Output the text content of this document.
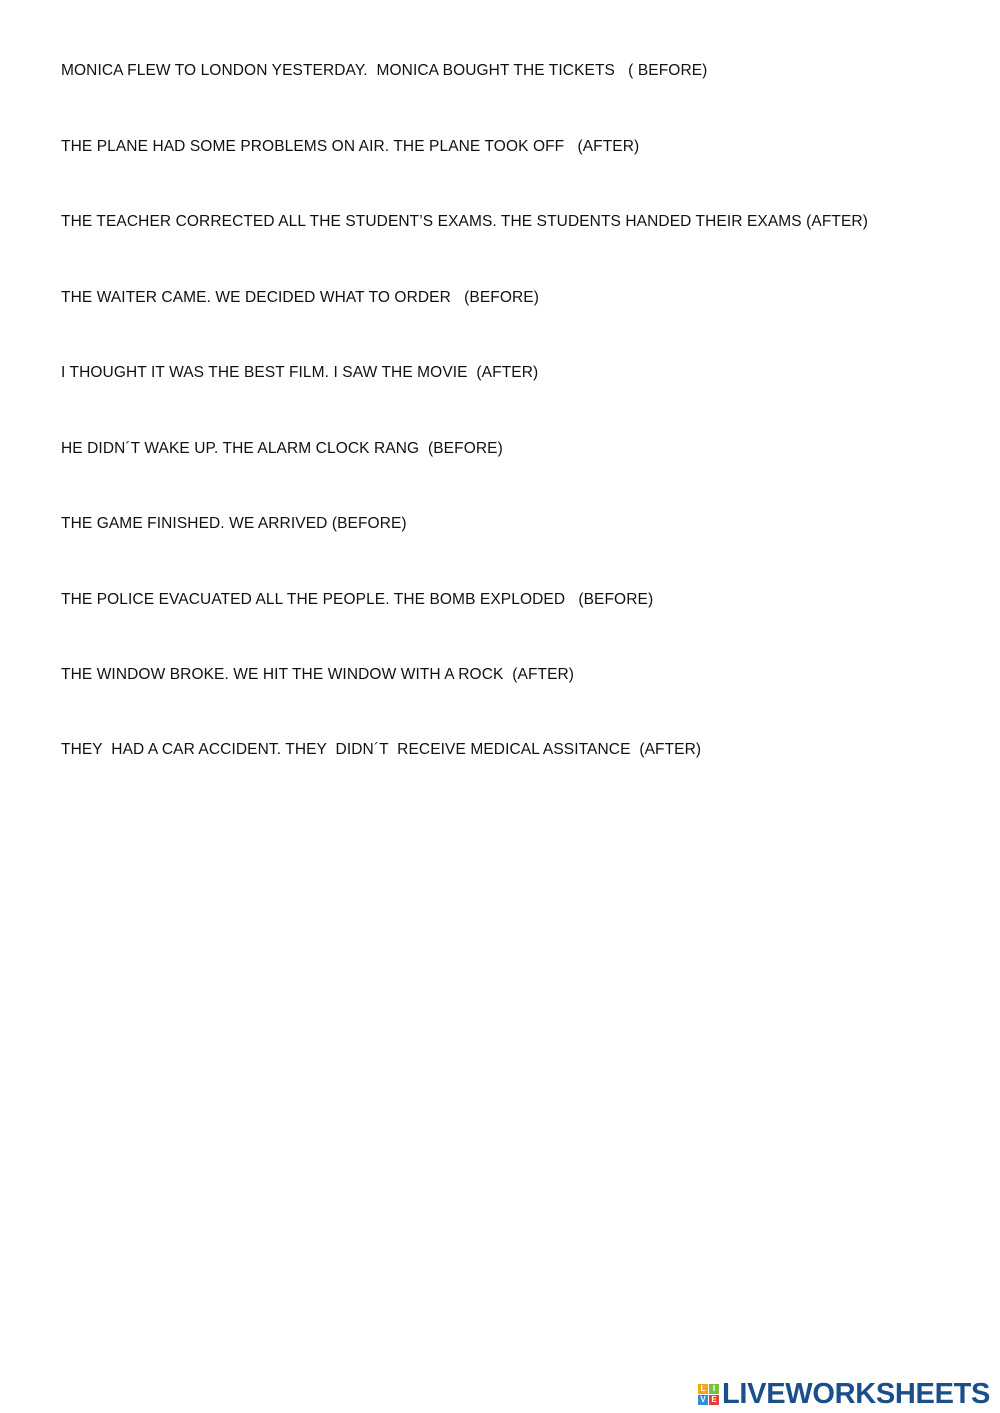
MONICA FLEW TO LONDON YESTERDAY.  MONICA BOUGHT THE TICKETS   ( BEFORE)
THE PLANE HAD SOME PROBLEMS ON AIR. THE PLANE TOOK OFF   (AFTER)
THE TEACHER CORRECTED ALL THE STUDENT’S EXAMS. THE STUDENTS HANDED THEIR EXAMS (AFTER)
THE WAITER CAME. WE DECIDED WHAT TO ORDER   (BEFORE)
I THOUGHT IT WAS THE BEST FILM. I SAW THE MOVIE  (AFTER)
HE DIDN´T WAKE UP. THE ALARM CLOCK RANG  (BEFORE)
THE GAME FINISHED. WE ARRIVED (BEFORE)
THE POLICE EVACUATED ALL THE PEOPLE. THE BOMB EXPLODED   (BEFORE)
THE WINDOW BROKE. WE HIT THE WINDOW WITH A ROCK  (AFTER)
THEY  HAD A CAR ACCIDENT. THEY  DIDN´T  RECEIVE MEDICAL ASSITANCE  (AFTER)
L I
V E LIVEWORKSHEETS
